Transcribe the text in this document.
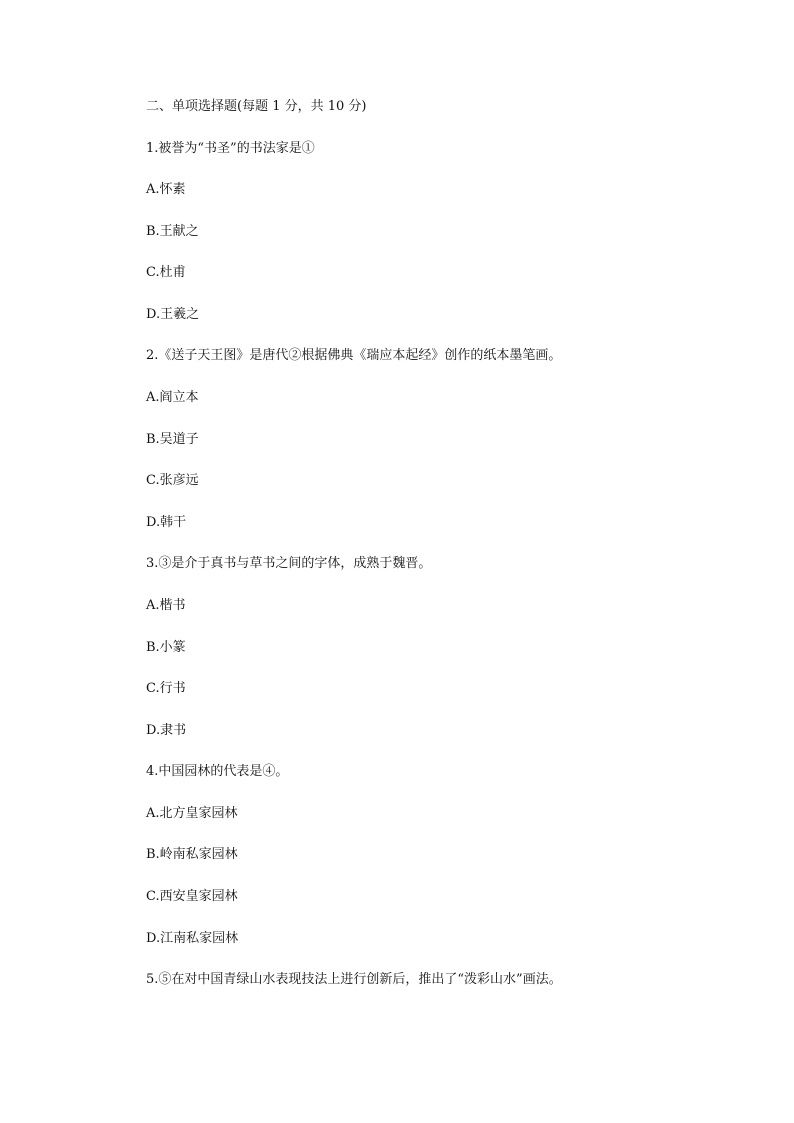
二、单项选择题(每题 1 分，共 10 分)
1.被誉为“书圣”的书法家是①
A.怀素
B.王献之
C.杜甫
D.王羲之
2.《送子天王图》是唐代②根据佛典《瑞应本起经》创作的纸本墨笔画。
A.阎立本
B.吴道子
C.张彦远
D.韩干
3.③是介于真书与草书之间的字体，成熟于魏晋。
A.楷书
B.小篆
C.行书
D.隶书
4.中国园林的代表是④。
A.北方皇家园林
B.岭南私家园林
C.西安皇家园林
D.江南私家园林
5.⑤在对中国青绿山水表现技法上进行创新后，推出了“泼彩山水”画法。
